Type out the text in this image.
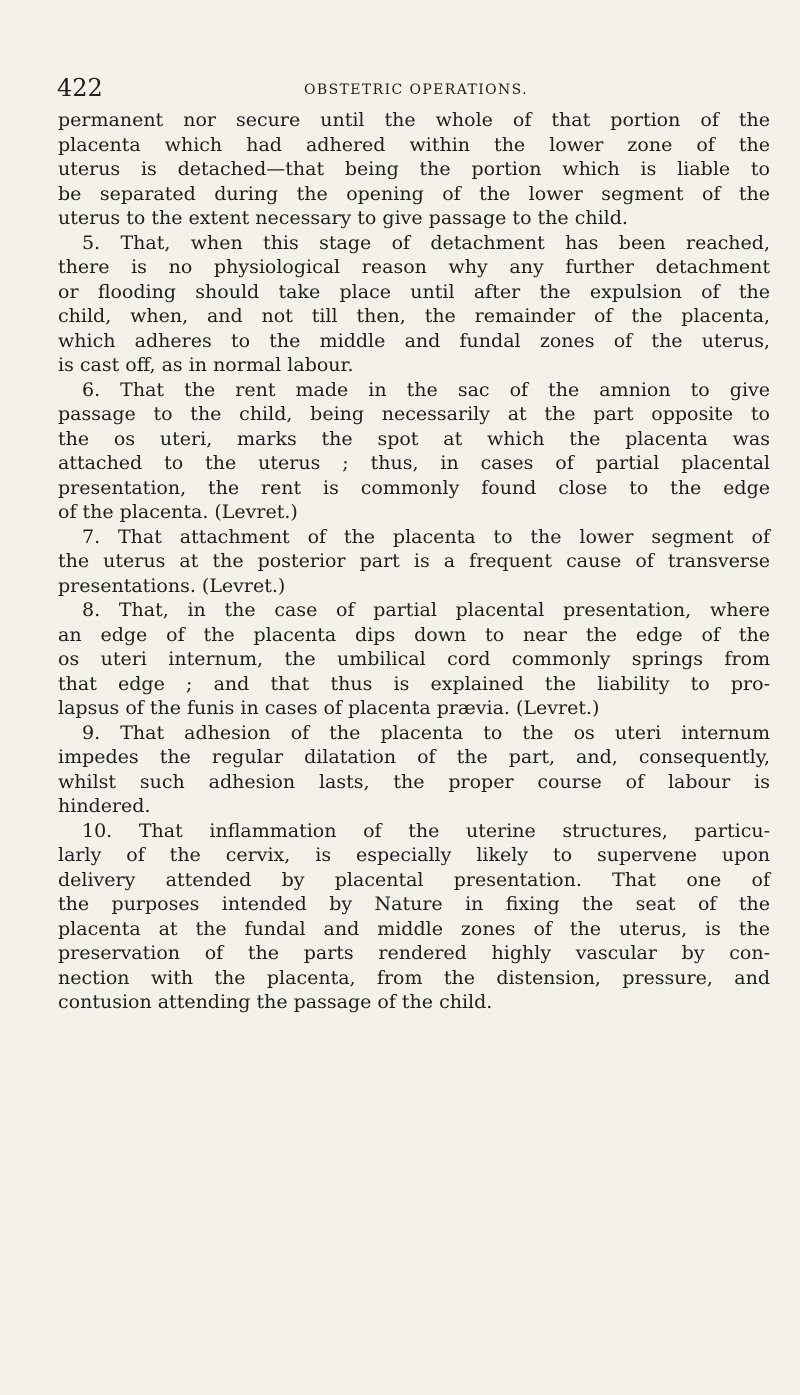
422	OBSTETRIC OPERATIONS.
permanent nor secure until the whole of that portion of the
placenta which had adhered within the lower zone of the
uterus is detached—that being the portion which is liable to
be separated during the opening of the lower segment of the
uterus to the extent necessary to give passage to the child.
5. That, when this stage of detachment has been reached,
there is no physiological reason why any further detachment
or flooding should take place until after the expulsion of the
child, when, and not till then, the remainder of the placenta,
which adheres to the middle and fundal zones of the uterus,
is cast off, as in normal labour.
6. That the rent made in the sac of the amnion to give
passage to the child, being necessarily at the part opposite to
the os uteri, marks the spot at which the placenta was
attached to the uterus ; thus, in cases of partial placental
presentation, the rent is commonly found close to the edge
of the placenta. (Levret.)
7. That attachment of the placenta to the lower segment of
the uterus at the posterior part is a frequent cause of transverse
presentations. (Levret.)
8. That, in the case of partial placental presentation, where
an edge of the placenta dips down to near the edge of the
os uteri internum, the umbilical cord commonly springs from
that edge ; and that thus is explained the liability to pro-
lapsus of the funis in cases of placenta prævia. (Levret.)
9. That adhesion of the placenta to the os uteri internum
impedes the regular dilatation of the part, and, consequently,
whilst such adhesion lasts, the proper course of labour is
hindered.
10. That inflammation of the uterine structures, particu-
larly of the cervix, is especially likely to supervene upon
delivery attended by placental presentation. That one of
the purposes intended by Nature in fixing the seat of the
placenta at the fundal and middle zones of the uterus, is the
preservation of the parts rendered highly vascular by con-
nection with the placenta, from the distension, pressure, and
contusion attending the passage of the child.
